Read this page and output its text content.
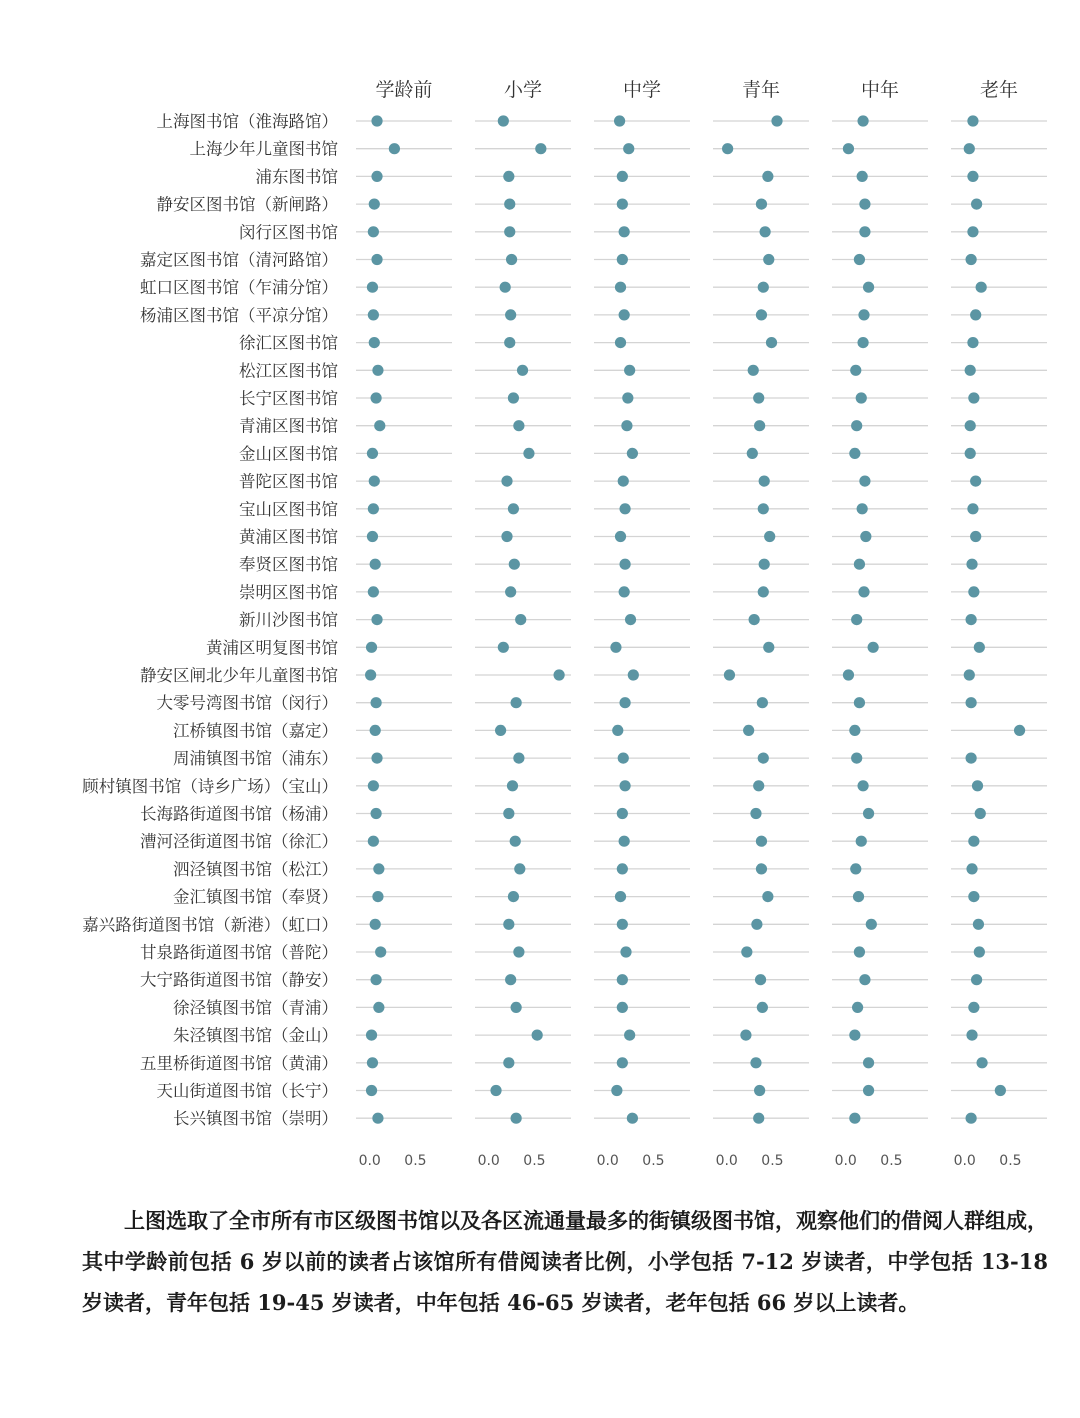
上海图书馆（淮海路馆）
上海少年儿童图书馆
浦东图书馆
静安区图书馆（新闸路）
闵行区图书馆
嘉定区图书馆（清河路馆）
虹口区图书馆（乍浦分馆）
杨浦区图书馆（平凉分馆）
徐汇区图书馆
松江区图书馆
长宁区图书馆
青浦区图书馆
金山区图书馆
普陀区图书馆
宝山区图书馆
黄浦区图书馆
奉贤区图书馆
崇明区图书馆
新川沙图书馆
黄浦区明复图书馆
静安区闸北少年儿童图书馆
大零号湾图书馆（闵行）
江桥镇图书馆（嘉定）
周浦镇图书馆（浦东）
顾村镇图书馆（诗乡广场）（宝山）
长海路街道图书馆（杨浦）
漕河泾街道图书馆（徐汇）
泗泾镇图书馆（松江）
金汇镇图书馆（奉贤）
嘉兴路街道图书馆（新港）（虹口）
甘泉路街道图书馆（普陀）
大宁路街道图书馆（静安）
徐泾镇图书馆（青浦）
朱泾镇图书馆（金山）
五里桥街道图书馆（黄浦）
天山街道图书馆（长宁）
长兴镇图书馆（崇明）
学龄前
0.0 0.5
小学
0.0 0.5
中学
0.0 0.5
青年
0.0 0.5
中年
0.0 0.5
老年
0.0 0.5

上图选取了全市所有市区级图书馆以及各区流通量最多的街镇级图书馆，观察他们的借阅人群组成，其中学龄前包括 6 岁以前的读者占该馆所有借阅读者比例，小学包括 7-12 岁读者，中学包括 13-18 岁读者，青年包括 19-45 岁读者，中年包括 46-65 岁读者，老年包括 66 岁以上读者。
